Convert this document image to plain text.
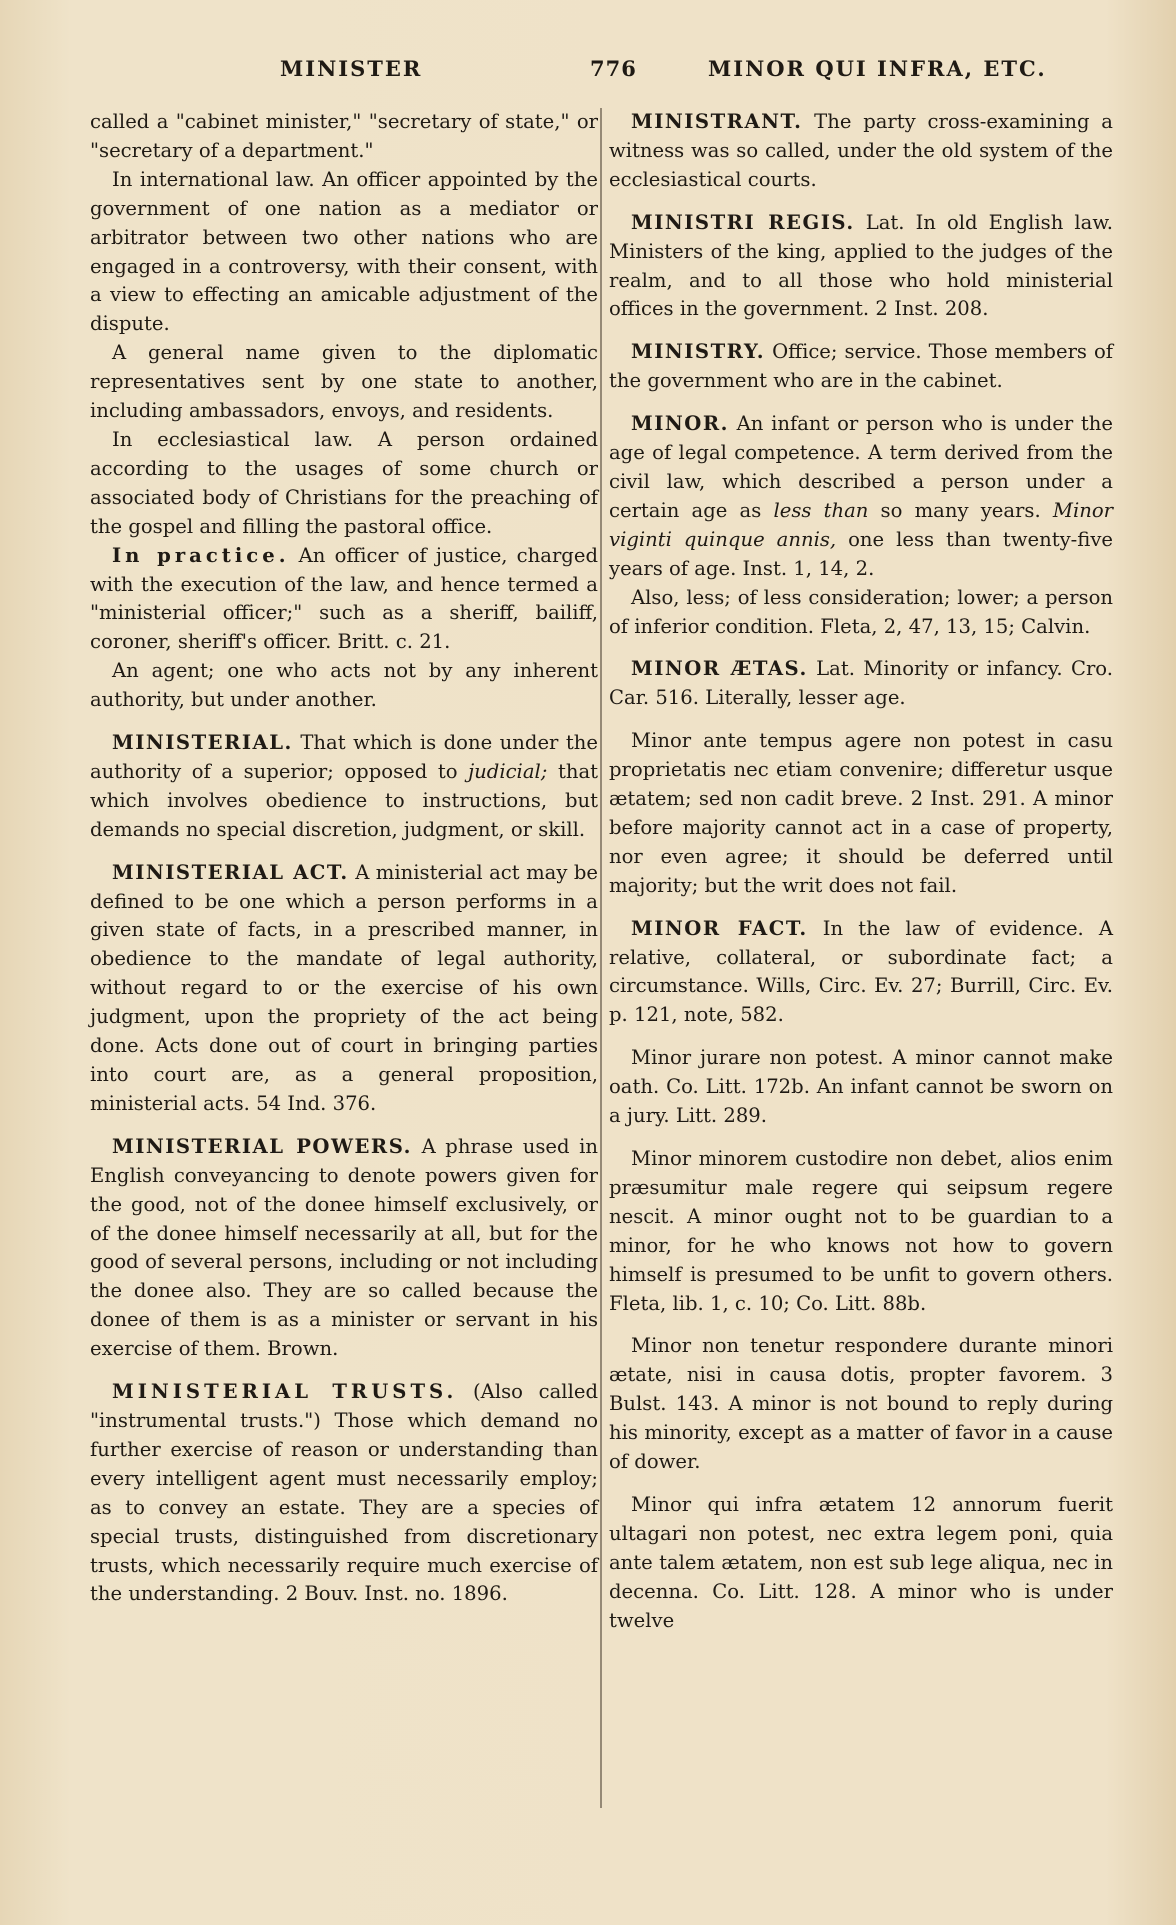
MINISTER	776	MINOR QUI INFRA, ETC.

called a "cabinet minister," "secretary of state," or "secretary of a department."

In international law. An officer appointed by the government of one nation as a mediator or arbitrator between two other nations who are engaged in a controversy, with their consent, with a view to effecting an amicable adjustment of the dispute.

A general name given to the diplomatic representatives sent by one state to another, including ambassadors, envoys, and residents.

In ecclesiastical law. A person ordained according to the usages of some church or associated body of Christians for the preaching of the gospel and filling the pastoral office.

In practice. An officer of justice, charged with the execution of the law, and hence termed a "ministerial officer;" such as a sheriff, bailiff, coroner, sheriff's officer. Britt. c. 21.

An agent; one who acts not by any inherent authority, but under another.

MINISTERIAL. That which is done under the authority of a superior; opposed to judicial; that which involves obedience to instructions, but demands no special discretion, judgment, or skill.

MINISTERIAL ACT. A ministerial act may be defined to be one which a person performs in a given state of facts, in a prescribed manner, in obedience to the mandate of legal authority, without regard to or the exercise of his own judgment, upon the propriety of the act being done. Acts done out of court in bringing parties into court are, as a general proposition, ministerial acts. 54 Ind. 376.

MINISTERIAL POWERS. A phrase used in English conveyancing to denote powers given for the good, not of the donee himself exclusively, or of the donee himself necessarily at all, but for the good of several persons, including or not including the donee also. They are so called because the donee of them is as a minister or servant in his exercise of them. Brown.

MINISTERIAL TRUSTS. (Also called "instrumental trusts.") Those which demand no further exercise of reason or understanding than every intelligent agent must necessarily employ; as to convey an estate. They are a species of special trusts, distinguished from discretionary trusts, which necessarily require much exercise of the understanding. 2 Bouv. Inst. no. 1896.

MINISTRANT. The party cross-examining a witness was so called, under the old system of the ecclesiastical courts.

MINISTRI REGIS. Lat. In old English law. Ministers of the king, applied to the judges of the realm, and to all those who hold ministerial offices in the government. 2 Inst. 208.

MINISTRY. Office; service. Those members of the government who are in the cabinet.

MINOR. An infant or person who is under the age of legal competence. A term derived from the civil law, which described a person under a certain age as less than so many years. Minor viginti quinque annis, one less than twenty-five years of age. Inst. 1, 14, 2.

Also, less; of less consideration; lower; a person of inferior condition. Fleta, 2, 47, 13, 15; Calvin.

MINOR ÆTAS. Lat. Minority or infancy. Cro. Car. 516. Literally, lesser age.

Minor ante tempus agere non potest in casu proprietatis nec etiam convenire; differetur usque ætatem; sed non cadit breve. 2 Inst. 291. A minor before majority cannot act in a case of property, nor even agree; it should be deferred until majority; but the writ does not fail.

MINOR FACT. In the law of evidence. A relative, collateral, or subordinate fact; a circumstance. Wills, Circ. Ev. 27; Burrill, Circ. Ev. p. 121, note, 582.

Minor jurare non potest. A minor cannot make oath. Co. Litt. 172b. An infant cannot be sworn on a jury. Litt. 289.

Minor minorem custodire non debet, alios enim præsumitur male regere qui seipsum regere nescit. A minor ought not to be guardian to a minor, for he who knows not how to govern himself is presumed to be unfit to govern others. Fleta, lib. 1, c. 10; Co. Litt. 88b.

Minor non tenetur respondere durante minori ætate, nisi in causa dotis, propter favorem. 3 Bulst. 143. A minor is not bound to reply during his minority, except as a matter of favor in a cause of dower.

Minor qui infra ætatem 12 annorum fuerit ultagari non potest, nec extra legem poni, quia ante talem ætatem, non est sub lege aliqua, nec in decenna. Co. Litt. 128. A minor who is under twelve
